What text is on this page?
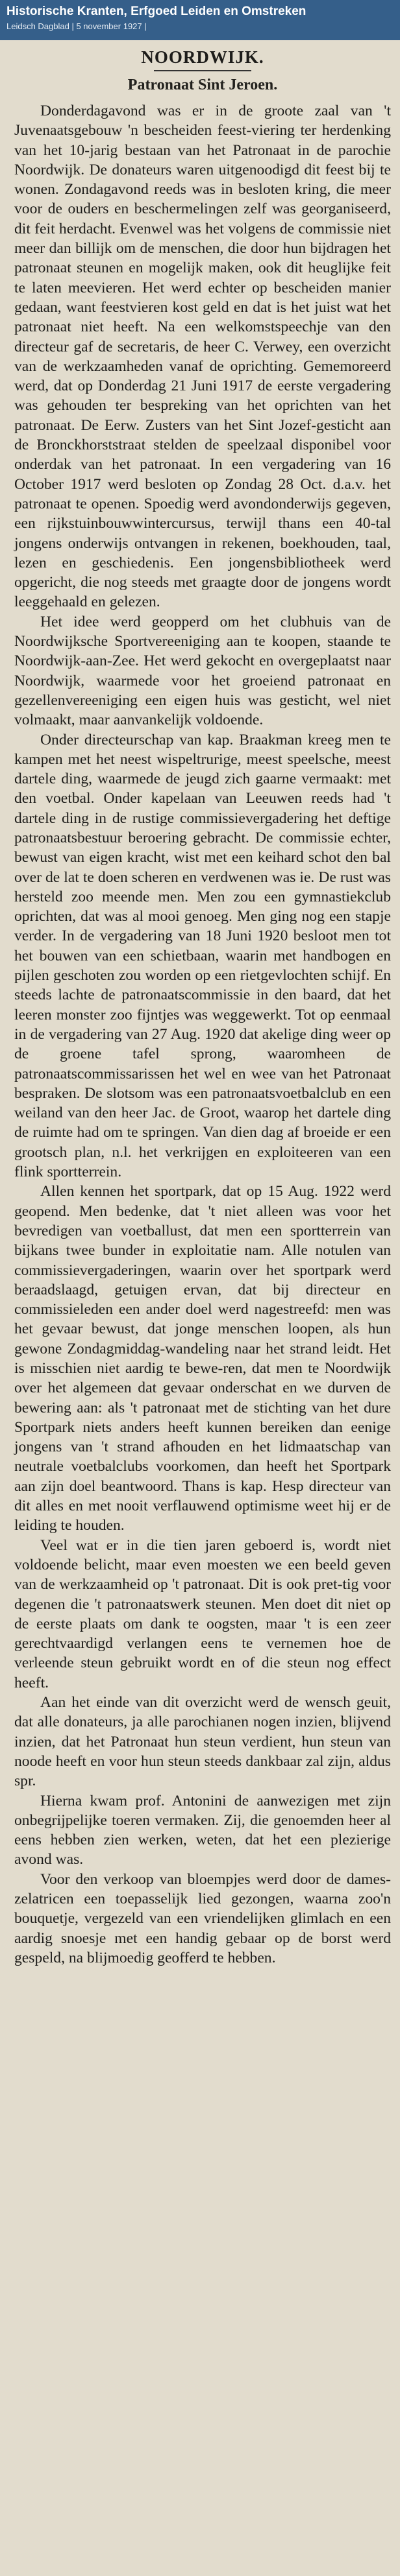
Historische Kranten, Erfgoed Leiden en Omstreken
Leidsch Dagblad | 5 november 1927 |
NOORDWIJK.
Patronaat Sint Jeroen.

Donderdagavond was er in de groote zaal van 't Juvenaatsgebouw 'n bescheiden feest-viering ter herdenking van het 10-jarig bestaan van het Patronaat in de parochie Noordwijk. De donateurs waren uitgenoodigd dit feest bij te wonen. Zondagavond reeds was in besloten kring, die meer voor de ouders en beschermelingen zelf was georganiseerd, dit feit herdacht. Evenwel was het volgens de commissie niet meer dan billijk om de menschen, die door hun bijdragen het patronaat steunen en mogelijk maken, ook dit heuglijke feit te laten meevieren. Het werd echter op bescheiden manier gedaan, want feestvieren kost geld en dat is het juist wat het patronaat niet heeft. Na een welkomstspeechje van den directeur gaf de secretaris, de heer C. Verwey, een overzicht van de werkzaamheden vanaf de oprichting. Gememoreerd werd, dat op Donderdag 21 Juni 1917 de eerste vergadering was gehouden ter bespreking van het oprichten van het patronaat. De Eerw. Zusters van het Sint Jozef-gesticht aan de Bronckhorststraat stelden de speelzaal disponibel voor onderdak van het patronaat. In een vergadering van 16 October 1917 werd besloten op Zondag 28 Oct. d.a.v. het patronaat te openen. Spoedig werd avondonderwijs gegeven, een rijkstuinbouwwintercursus, terwijl thans een 40-tal jongens onderwijs ontvangen in rekenen, boekhouden, taal, lezen en geschiedenis. Een jongensbibliotheek werd opgericht, die nog steeds met graagte door de jongens wordt leeggehaald en gelezen.

Het idee werd geopperd om het clubhuis van de Noordwijksche Sportvereeniging aan te koopen, staande te Noordwijk-aan-Zee. Het werd gekocht en overgeplaatst naar Noordwijk, waarmede voor het groeiend patronaat en gezellenvereeniging een eigen huis was gesticht, wel niet volmaakt, maar aanvankelijk voldoende.

Onder directeurschap van kap. Braakman kreeg men te kampen met het neest wispeltrurige, meest speelsche, meest dartele ding, waarmede de jeugd zich gaarne vermaakt: met den voetbal. Onder kapelaan van Leeuwen reeds had 't dartele ding in de rustige commissievergadering het deftige patronaatsbestuur beroering gebracht. De commissie echter, bewust van eigen kracht, wist met een keihard schot den bal over de lat te doen scheren en verdwenen was ie. De rust was hersteld zoo meende men. Men zou een gymnastiekclub oprichten, dat was al mooi genoeg. Men ging nog een stapje verder. In de vergadering van 18 Juni 1920 besloot men tot het bouwen van een schietbaan, waarin met handbogen en pijlen geschoten zou worden op een rietgevlochten schijf. En steeds lachte de patronaatscommissie in den baard, dat het leeren monster zoo fijntjes was weggewerkt. Tot op eenmaal in de vergadering van 27 Aug. 1920 dat akelige ding weer op de groene tafel sprong, waaromheen de patronaatscommissarissen het wel en wee van het Patronaat bespraken. De slotsom was een patronaatsvoetbalclub en een weiland van den heer Jac. de Groot, waarop het dartele ding de ruimte had om te springen. Van dien dag af broeide er een grootsch plan, n.l. het verkrijgen en exploiteeren van een flink sportterrein.

Allen kennen het sportpark, dat op 15 Aug. 1922 werd geopend. Men bedenke, dat 't niet alleen was voor het bevredigen van voetballust, dat men een sportterrein van bijkans twee bunder in exploitatie nam. Alle notulen van commissievergaderingen, waarin over het sportpark werd beraadslaagd, getuigen ervan, dat bij directeur en commissieleden een ander doel werd nagestreefd: men was het gevaar bewust, dat jonge menschen loopen, als hun gewone Zondagmiddag-wandeling naar het strand leidt. Het is misschien niet aardig te bewe-ren, dat men te Noordwijk over het algemeen dat gevaar onderschat en we durven de bewering aan: als 't patronaat met de stichting van het dure Sportpark niets anders heeft kunnen bereiken dan eenige jongens van 't strand afhouden en het lidmaatschap van neutrale voetbalclubs voorkomen, dan heeft het Sportpark aan zijn doel beantwoord. Thans is kap. Hesp directeur van dit alles en met nooit verflauwend optimisme weet hij er de leiding te houden.

Veel wat er in die tien jaren geboerd is, wordt niet voldoende belicht, maar even moesten we een beeld geven van de werkzaamheid op 't patronaat. Dit is ook pret-tig voor degenen die 't patronaatswerk steunen. Men doet dit niet op de eerste plaats om dank te oogsten, maar 't is een zeer gerechtvaardigd verlangen eens te vernemen hoe de verleende steun gebruikt wordt en of die steun nog effect heeft.

Aan het einde van dit overzicht werd de wensch geuit, dat alle donateurs, ja alle parochianen nogen inzien, blijvend inzien, dat het Patronaat hun steun verdient, hun steun van noode heeft en voor hun steun steeds dankbaar zal zijn, aldus spr.

Hierna kwam prof. Antonini de aanwezigen met zijn onbegrijpelijke toeren vermaken. Zij, die genoemden heer al eens hebben zien werken, weten, dat het een plezierige avond was.

Voor den verkoop van bloempjes werd door de dames-zelatricen een toepasselijk lied gezongen, waarna zoo'n bouquetje, vergezeld van een vriendelijken glimlach en een aardig snoesje met een handig gebaar op de borst werd gespeld, na blijmoedig geofferd te hebben.
